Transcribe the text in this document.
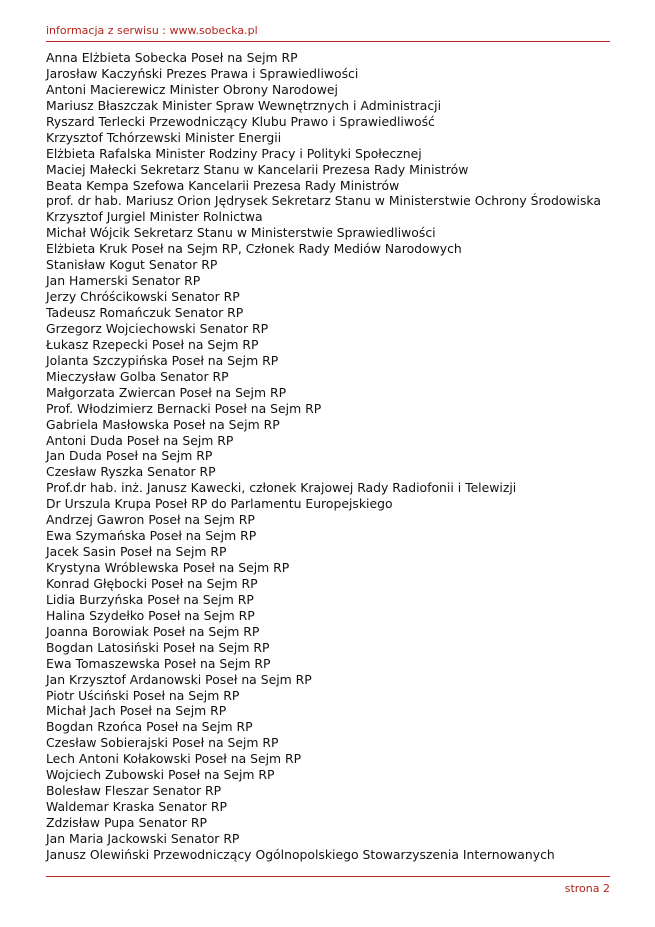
informacja z serwisu : www.sobecka.pl
Anna Elżbieta Sobecka Poseł na Sejm RP
Jarosław Kaczyński Prezes Prawa i Sprawiedliwości
Antoni Macierewicz Minister Obrony Narodowej
Mariusz Błaszczak Minister Spraw Wewnętrznych i Administracji
Ryszard Terlecki Przewodniczący Klubu Prawo i Sprawiedliwość
Krzysztof Tchórzewski Minister Energii
Elżbieta Rafalska Minister Rodziny Pracy i Polityki Społecznej
Maciej Małecki Sekretarz Stanu w Kancelarii Prezesa Rady Ministrów
Beata Kempa Szefowa Kancelarii Prezesa Rady Ministrów
prof. dr hab. Mariusz Orion Jędrysek Sekretarz Stanu w Ministerstwie Ochrony Środowiska
Krzysztof Jurgiel Minister Rolnictwa
Michał Wójcik Sekretarz Stanu w Ministerstwie Sprawiedliwości
Elżbieta Kruk Poseł na Sejm RP, Członek Rady Mediów Narodowych
Stanisław Kogut Senator RP
Jan Hamerski Senator RP
Jerzy Chróścikowski Senator RP
Tadeusz Romańczuk Senator RP
Grzegorz Wojciechowski Senator RP
Łukasz Rzepecki Poseł na Sejm RP
Jolanta Szczypińska Poseł na Sejm RP
Mieczysław Golba Senator RP
Małgorzata Zwiercan Poseł na Sejm RP
Prof. Włodzimierz Bernacki Poseł na Sejm RP
Gabriela Masłowska Poseł na Sejm RP
Antoni Duda Poseł na Sejm RP
Jan Duda Poseł na Sejm RP
Czesław Ryszka Senator RP
Prof.dr hab. inż. Janusz Kawecki, członek Krajowej Rady Radiofonii i Telewizji
Dr Urszula Krupa Poseł RP do Parlamentu Europejskiego
Andrzej Gawron Poseł na Sejm RP
Ewa Szymańska Poseł na Sejm RP
Jacek Sasin Poseł na Sejm RP
Krystyna Wróblewska Poseł na Sejm RP
Konrad Głębocki Poseł na Sejm RP
Lidia Burzyńska Poseł na Sejm RP
Halina Szydełko Poseł na Sejm RP
Joanna Borowiak Poseł na Sejm RP
Bogdan Latosiński Poseł na Sejm RP
Ewa Tomaszewska Poseł na Sejm RP
Jan Krzysztof Ardanowski Poseł na Sejm RP
Piotr Uściński Poseł na Sejm RP
Michał Jach Poseł na Sejm RP
Bogdan Rzońca Poseł na Sejm RP
Czesław Sobierajski Poseł na Sejm RP
Lech Antoni Kołakowski Poseł na Sejm RP
Wojciech Zubowski Poseł na Sejm RP
Bolesław Fleszar Senator RP
Waldemar Kraska Senator RP
Zdzisław Pupa Senator RP
Jan Maria Jackowski Senator RP
Janusz Olewiński Przewodniczący Ogólnopolskiego Stowarzyszenia Internowanych
strona 2
